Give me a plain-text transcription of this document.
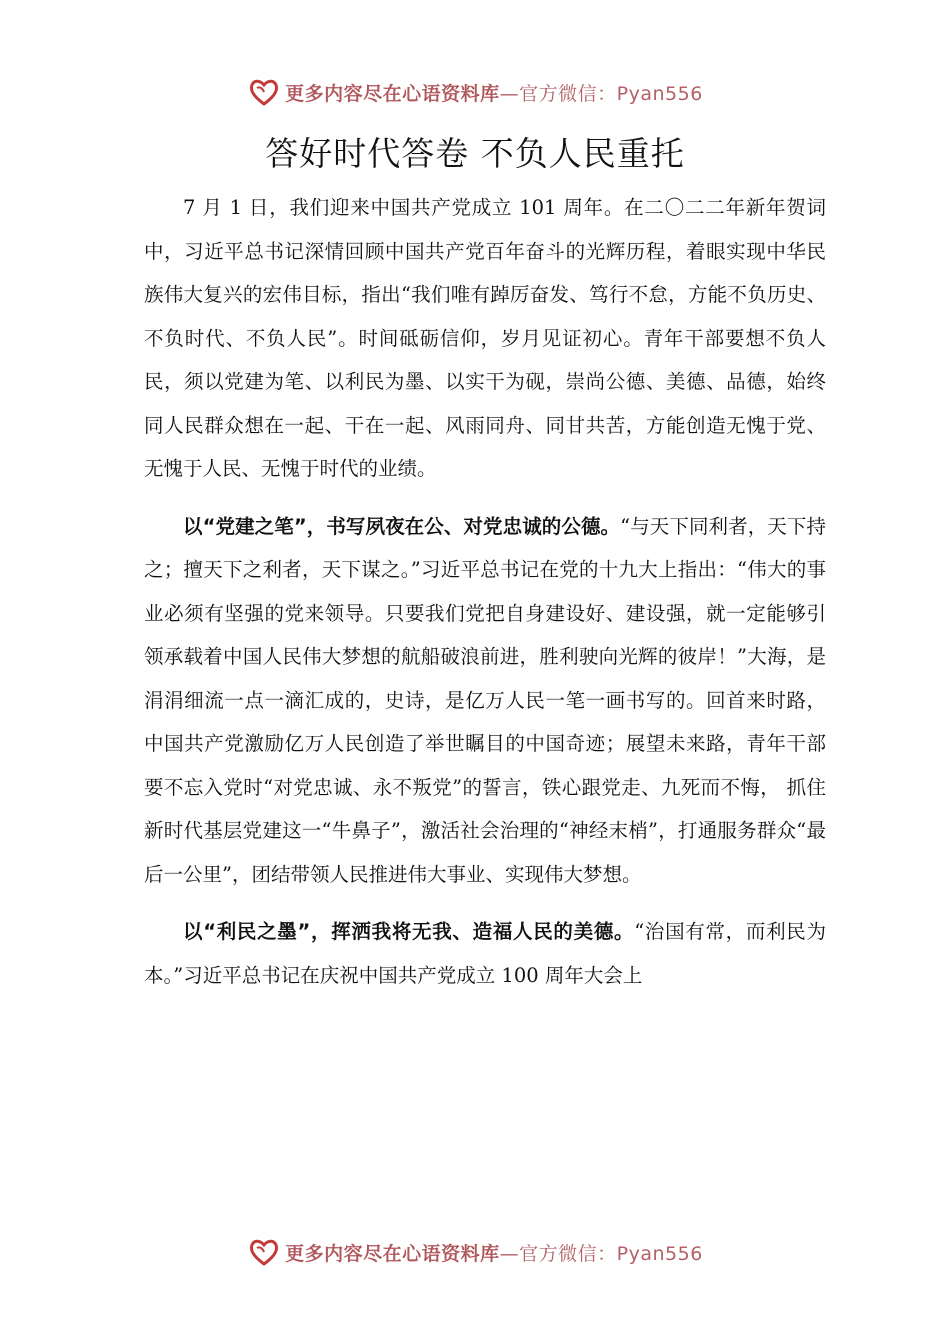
更多内容尽在心语资料库—官方微信：Pyan556
答好时代答卷 不负人民重托

7 月 1 日，我们迎来中国共产党成立 101 周年。在二〇二二年新年贺词中，习近平总书记深情回顾中国共产党百年奋斗的光辉历程，着眼实现中华民族伟大复兴的宏伟目标，指出“我们唯有踔厉奋发、笃行不怠，方能不负历史、不负时代、不负人民”。时间砥砺信仰，岁月见证初心。青年干部要想不负人民，须以党建为笔、以利民为墨、以实干为砚，崇尚公德、美德、品德，始终同人民群众想在一起、干在一起、风雨同舟、同甘共苦，方能创造无愧于党、无愧于人民、无愧于时代的业绩。

以“党建之笔”，书写夙夜在公、对党忠诚的公德。“与天下同利者，天下持之；擅天下之利者，天下谋之。”习近平总书记在党的十九大上指出：“伟大的事业必须有坚强的党来领导。只要我们党把自身建设好、建设强，就一定能够引领承载着中国人民伟大梦想的航船破浪前进，胜利驶向光辉的彼岸！”大海，是涓涓细流一点一滴汇成的，史诗，是亿万人民一笔一画书写的。回首来时路，中国共产党激励亿万人民创造了举世瞩目的中国奇迹；展望未来路，青年干部要不忘入党时“对党忠诚、永不叛党”的誓言，铁心跟党走、九死而不悔， 抓住新时代基层党建这一“牛鼻子”，激活社会治理的“神经末梢”，打通服务群众“最后一公里”，团结带领人民推进伟大事业、实现伟大梦想。

以“利民之墨”，挥洒我将无我、造福人民的美德。“治国有常，而利民为本。”习近平总书记在庆祝中国共产党成立 100 周年大会上

更多内容尽在心语资料库—官方微信：Pyan556
